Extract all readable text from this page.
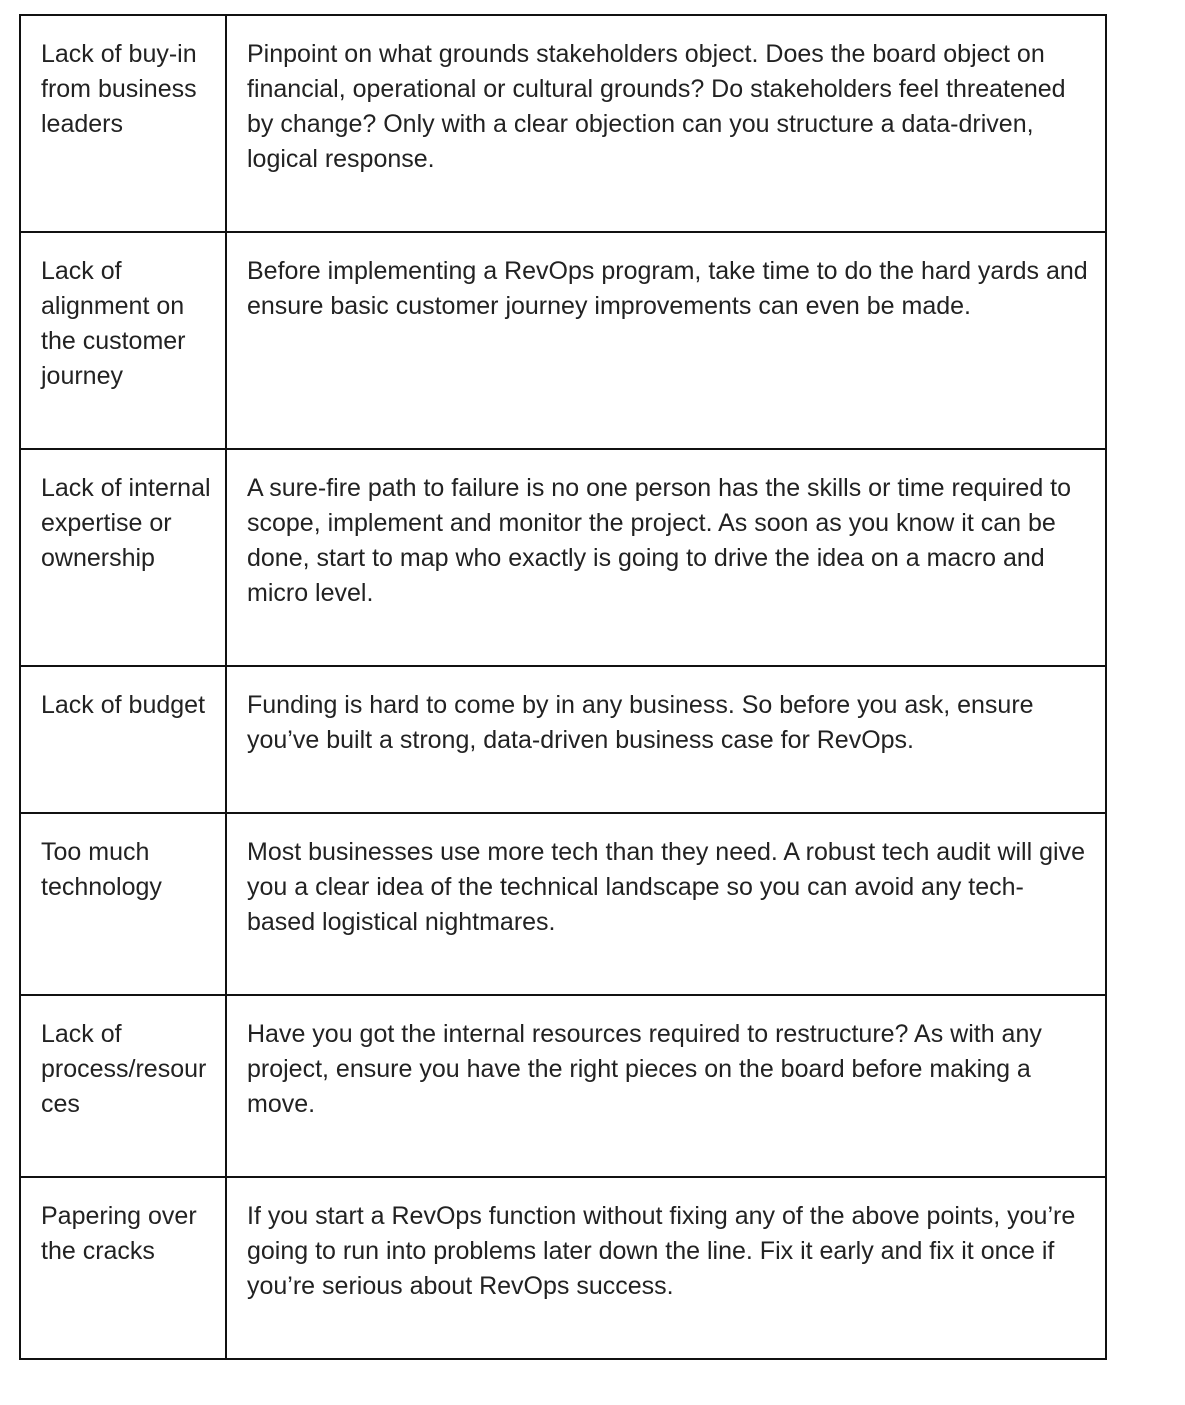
Lack of buy-in from business leaders	Pinpoint on what grounds stakeholders object. Does the board object on financial, operational or cultural grounds? Do stakeholders feel threatened by change? Only with a clear objection can you structure a data-driven, logical response.
Lack of alignment on the customer journey	Before implementing a RevOps program, take time to do the hard yards and ensure basic customer journey improvements can even be made.
Lack of internal expertise or ownership	A sure-fire path to failure is no one person has the skills or time required to scope, implement and monitor the project. As soon as you know it can be done, start to map who exactly is going to drive the idea on a macro and micro level.
Lack of budget	Funding is hard to come by in any business. So before you ask, ensure you’ve built a strong, data-driven business case for RevOps.
Too much technology	Most businesses use more tech than they need. A robust tech audit will give you a clear idea of the technical landscape so you can avoid any tech-based logistical nightmares.
Lack of process/resources	Have you got the internal resources required to restructure? As with any project, ensure you have the right pieces on the board before making a move.
Papering over the cracks	If you start a RevOps function without fixing any of the above points, you’re going to run into problems later down the line. Fix it early and fix it once if you’re serious about RevOps success.
